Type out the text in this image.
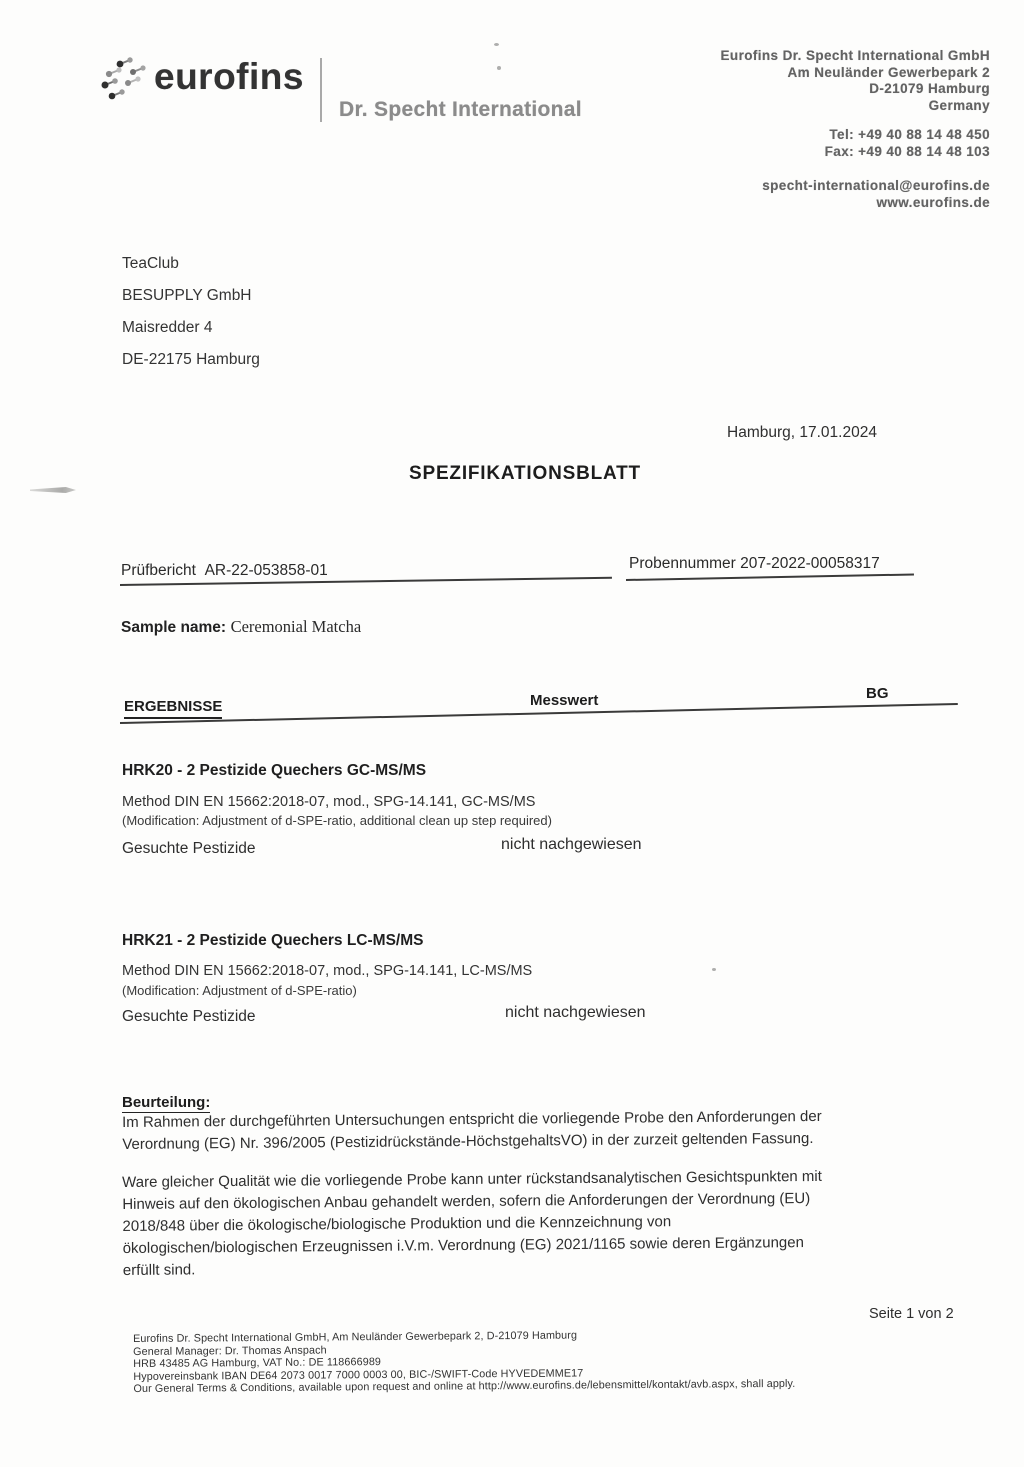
eurofins
Dr. Specht International
Eurofins Dr. Specht International GmbH
Am Neuländer Gewerbepark 2
D-21079 Hamburg
Germany
Tel: +49 40 88 14 48 450
Fax: +49 40 88 14 48 103
specht-international@eurofins.de
www.eurofins.de
TeaClub
BESUPPLY GmbH
Maisredder 4
DE-22175 Hamburg
Hamburg, 17.01.2024
SPEZIFIKATIONSBLATT
Prüfbericht AR-22-053858-01	Probennummer 207-2022-00058317
Sample name: Ceremonial Matcha
ERGEBNISSE	Messwert	BG
HRK20 - 2 Pestizide Quechers GC-MS/MS
Method DIN EN 15662:2018-07, mod., SPG-14.141, GC-MS/MS
(Modification: Adjustment of d-SPE-ratio, additional clean up step required)
Gesuchte Pestizide	nicht nachgewiesen
HRK21 - 2 Pestizide Quechers LC-MS/MS
Method DIN EN 15662:2018-07, mod., SPG-14.141, LC-MS/MS
(Modification: Adjustment of d-SPE-ratio)
Gesuchte Pestizide	nicht nachgewiesen
Beurteilung:
Im Rahmen der durchgeführten Untersuchungen entspricht die vorliegende Probe den Anforderungen der
Verordnung (EG) Nr. 396/2005 (Pestizidrückstände-HöchstgehaltsVO) in der zurzeit geltenden Fassung.
Ware gleicher Qualität wie die vorliegende Probe kann unter rückstandsanalytischen Gesichtspunkten mit
Hinweis auf den ökologischen Anbau gehandelt werden, sofern die Anforderungen der Verordnung (EU)
2018/848 über die ökologische/biologische Produktion und die Kennzeichnung von
ökologischen/biologischen Erzeugnissen i.V.m. Verordnung (EG) 2021/1165 sowie deren Ergänzungen
erfüllt sind.
Seite 1 von 2
Eurofins Dr. Specht International GmbH, Am Neuländer Gewerbepark 2, D-21079 Hamburg
General Manager: Dr. Thomas Anspach
HRB 43485 AG Hamburg, VAT No.: DE 118666989
Hypovereinsbank IBAN DE64 2073 0017 7000 0003 00, BIC-/SWIFT-Code HYVEDEMME17
Our General Terms & Conditions, available upon request and online at http://www.eurofins.de/lebensmittel/kontakt/avb.aspx, shall apply.
